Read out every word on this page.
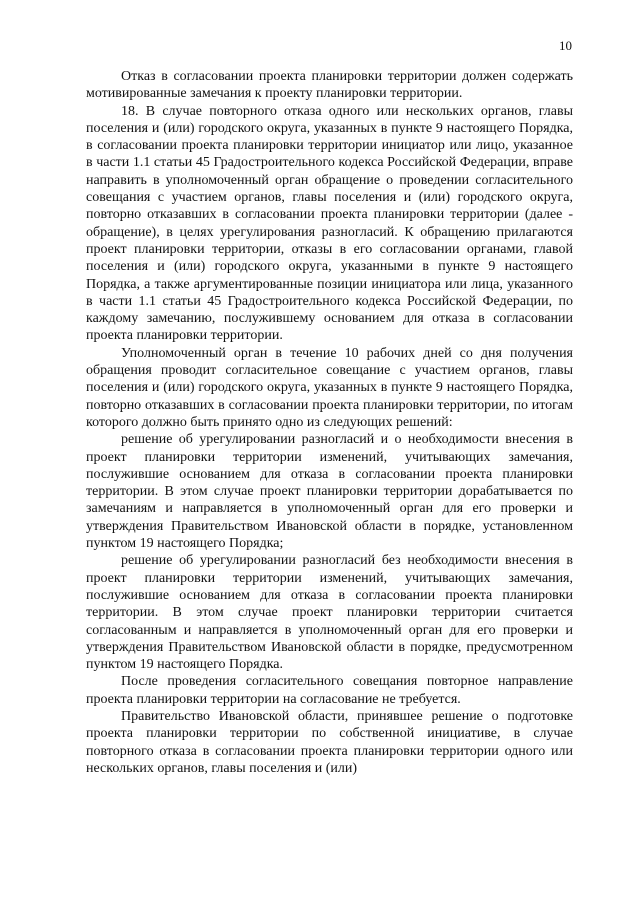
10

Отказ в согласовании проекта планировки территории должен содержать мотивированные замечания к проекту планировки территории.

18. В случае повторного отказа одного или нескольких органов, главы поселения и (или) городского округа, указанных в пункте 9 настоящего Порядка, в согласовании проекта планировки территории инициатор или лицо, указанное в части 1.1 статьи 45 Градостроительного кодекса Российской Федерации, вправе направить в уполномоченный орган обращение о проведении согласительного совещания с участием органов, главы поселения и (или) городского округа, повторно отказавших в согласовании проекта планировки территории (далее - обращение), в целях урегулирования разногласий. К обращению прилагаются проект планировки территории, отказы в его согласовании органами, главой поселения и (или) городского округа, указанными в пункте 9 настоящего Порядка, а также аргументированные позиции инициатора или лица, указанного в части 1.1 статьи 45 Градостроительного кодекса Российской Федерации, по каждому замечанию, послужившему основанием для отказа в согласовании проекта планировки территории.

Уполномоченный орган в течение 10 рабочих дней со дня получения обращения проводит согласительное совещание с участием органов, главы поселения и (или) городского округа, указанных в пункте 9 настоящего Порядка, повторно отказавших в согласовании проекта планировки территории, по итогам которого должно быть принято одно из следующих решений:

решение об урегулировании разногласий и о необходимости внесения в проект планировки территории изменений, учитывающих замечания, послужившие основанием для отказа в согласовании проекта планировки территории. В этом случае проект планировки территории дорабатывается по замечаниям и направляется в уполномоченный орган для его проверки и утверждения Правительством Ивановской области в порядке, установленном пунктом 19 настоящего Порядка;

решение об урегулировании разногласий без необходимости внесения в проект планировки территории изменений, учитывающих замечания, послужившие основанием для отказа в согласовании проекта планировки территории. В этом случае проект планировки территории считается согласованным и направляется в уполномоченный орган для его проверки и утверждения Правительством Ивановской области в порядке, предусмотренном пунктом 19 настоящего Порядка.

После проведения согласительного совещания повторное направление проекта планировки территории на согласование не требуется.

Правительство Ивановской области, принявшее решение о подготовке проекта планировки территории по собственной инициативе, в случае повторного отказа в согласовании проекта планировки территории одного или нескольких органов, главы поселения и (или)
